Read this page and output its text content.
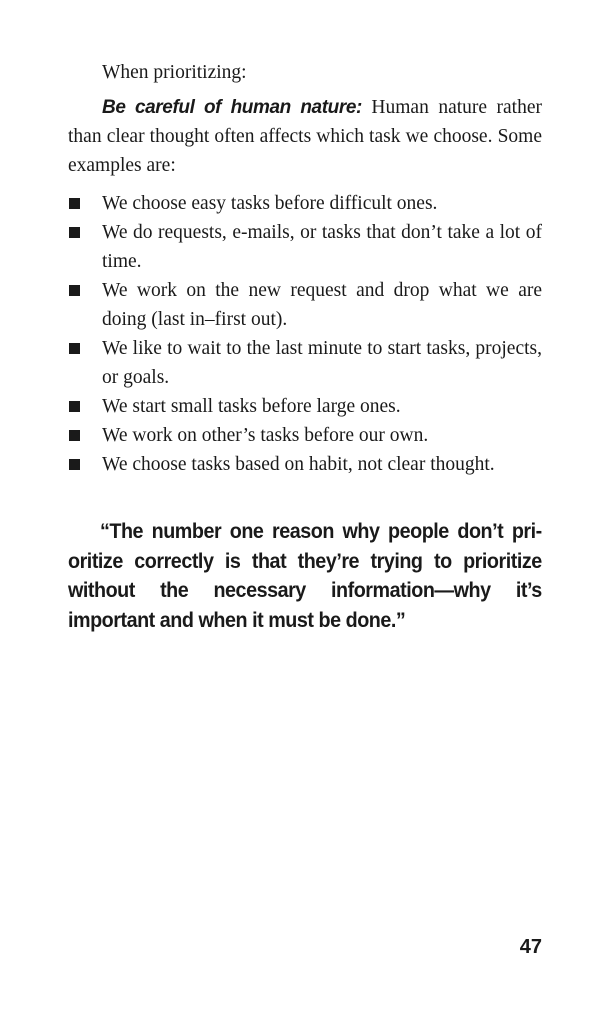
When prioritizing:

Be careful of human nature: Human nature rather than clear thought often affects which task we choose. Some examples are:

We choose easy tasks before difficult ones.
We do requests, e-mails, or tasks that don’t take a lot of time.
We work on the new request and drop what we are doing (last in–first out).
We like to wait to the last minute to start tasks, projects, or goals.
We start small tasks before large ones.
We work on other’s tasks before our own.
We choose tasks based on habit, not clear thought.

“The number one reason why people don’t pri-oritize correctly is that they’re trying to prioritize without the necessary information—why it’s important and when it must be done.”

47
